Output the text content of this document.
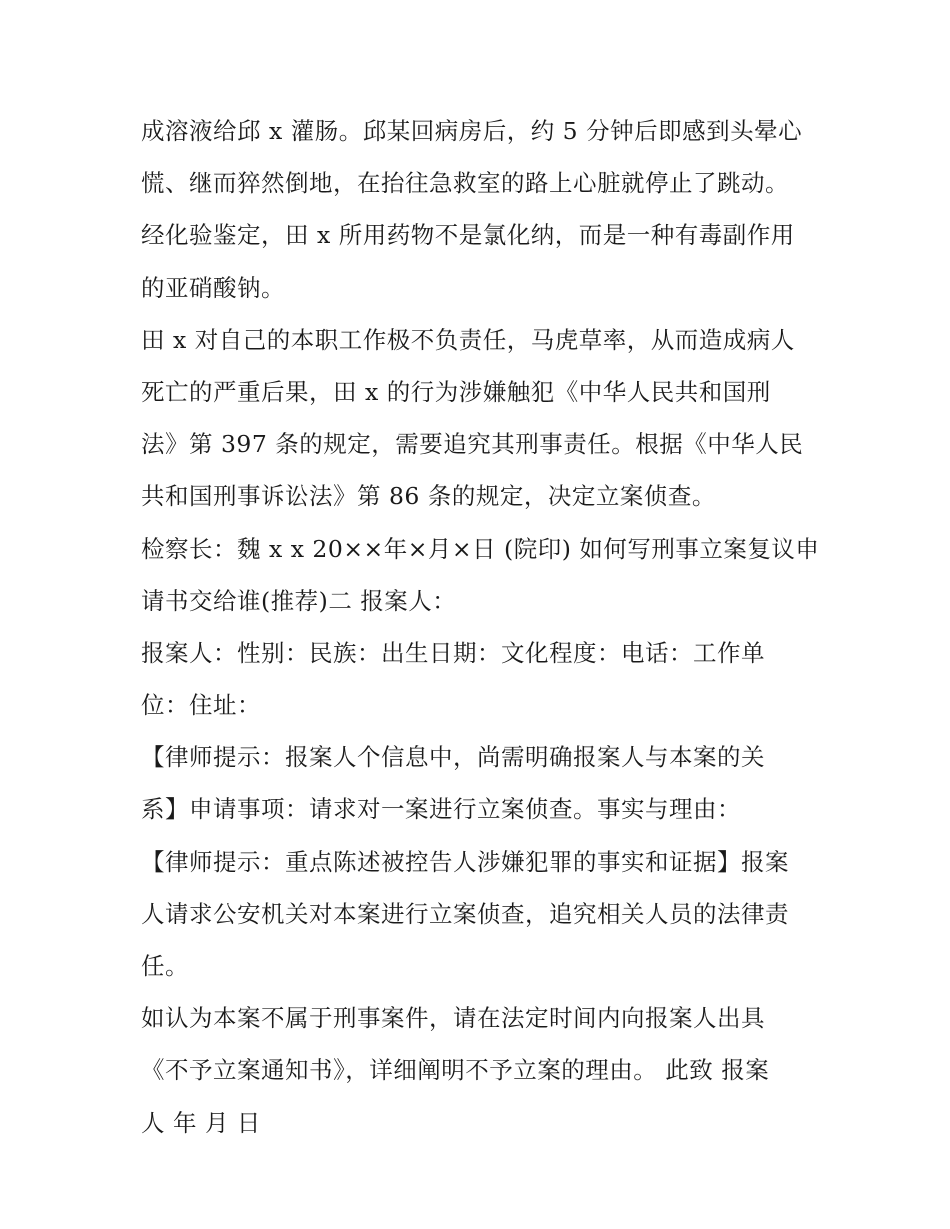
成溶液给邱 x 灌肠。邱某回病房后，约 5 分钟后即感到头晕心
慌、继而猝然倒地，在抬往急救室的路上心脏就停止了跳动。
经化验鉴定，田 x 所用药物不是氯化纳，而是一种有毒副作用
的亚硝酸钠。
田 x 对自己的本职工作极不负责任，马虎草率，从而造成病人
死亡的严重后果，田 x 的行为涉嫌触犯《中华人民共和国刑
法》第 397 条的规定，需要追究其刑事责任。根据《中华人民
共和国刑事诉讼法》第 86 条的规定，决定立案侦查。
检察长：魏 x x 20××年×月×日 (院印) 如何写刑事立案复议申
请书交给谁(推荐)二 报案人：
报案人：性别：民族：出生日期：文化程度：电话：工作单
位：住址：
【律师提示：报案人个信息中，尚需明确报案人与本案的关
系】申请事项：请求对一案进行立案侦查。事实与理由：
【律师提示：重点陈述被控告人涉嫌犯罪的事实和证据】报案
人请求公安机关对本案进行立案侦查，追究相关人员的法律责
任。
如认为本案不属于刑事案件，请在法定时间内向报案人出具
《不予立案通知书》，详细阐明不予立案的理由。 此致 报案
人 年 月 日
